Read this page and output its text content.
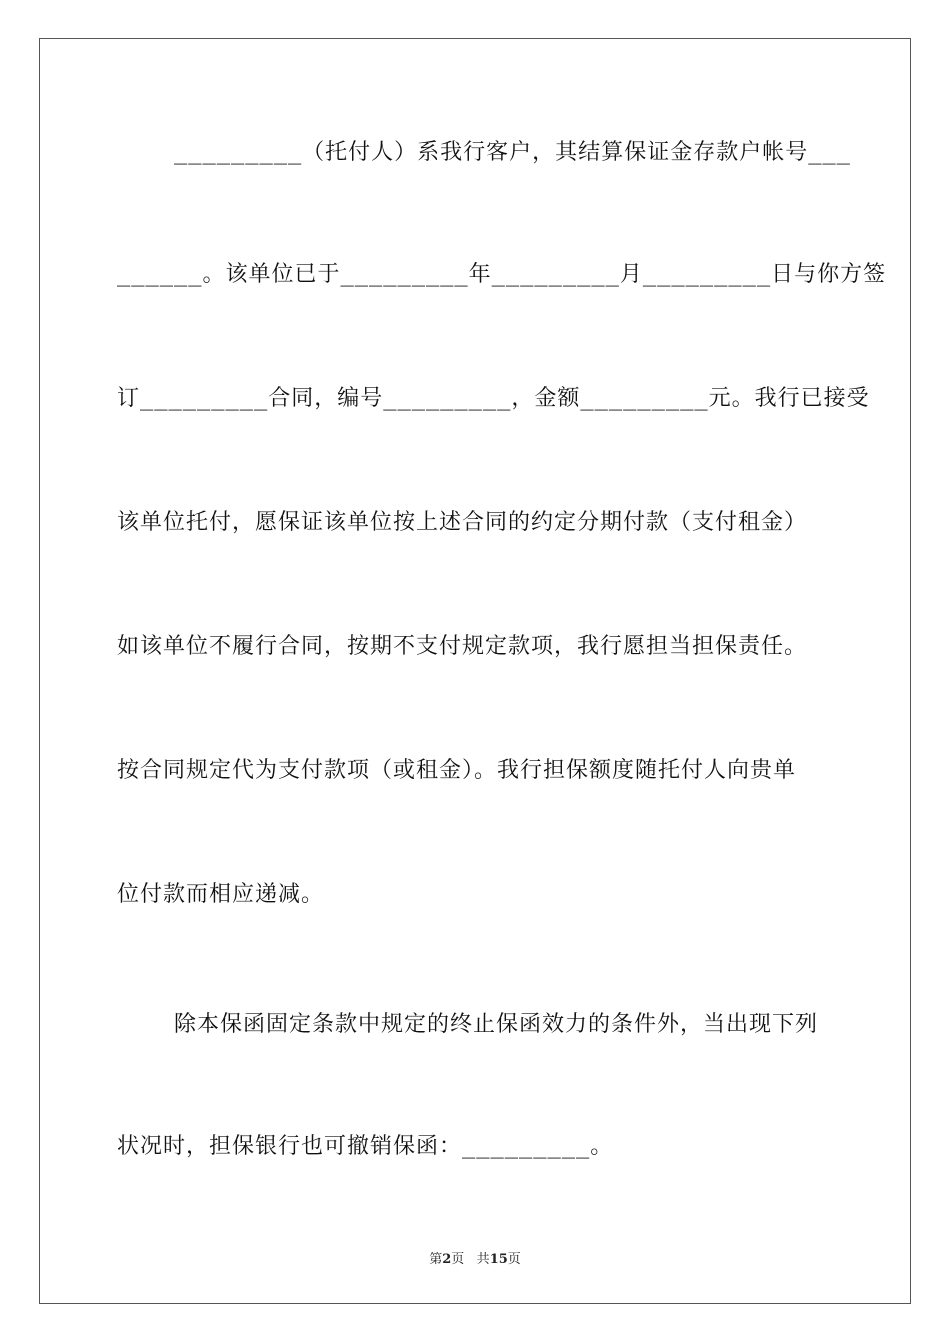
_________（托付人）系我行客户，其结算保证金存款户帐号___
______。该单位已于_________年_________月_________日与你方签
订_________合同，编号_________，金额_________元。我行已接受
该单位托付，愿保证该单位按上述合同的约定分期付款（支付租金）
如该单位不履行合同，按期不支付规定款项，我行愿担当担保责任。
按合同规定代为支付款项（或租金）。我行担保额度随托付人向贵单
位付款而相应递减。
除本保函固定条款中规定的终止保函效力的条件外，当出现下列
状况时，担保银行也可撤销保函：_________。
第2页 共15页
